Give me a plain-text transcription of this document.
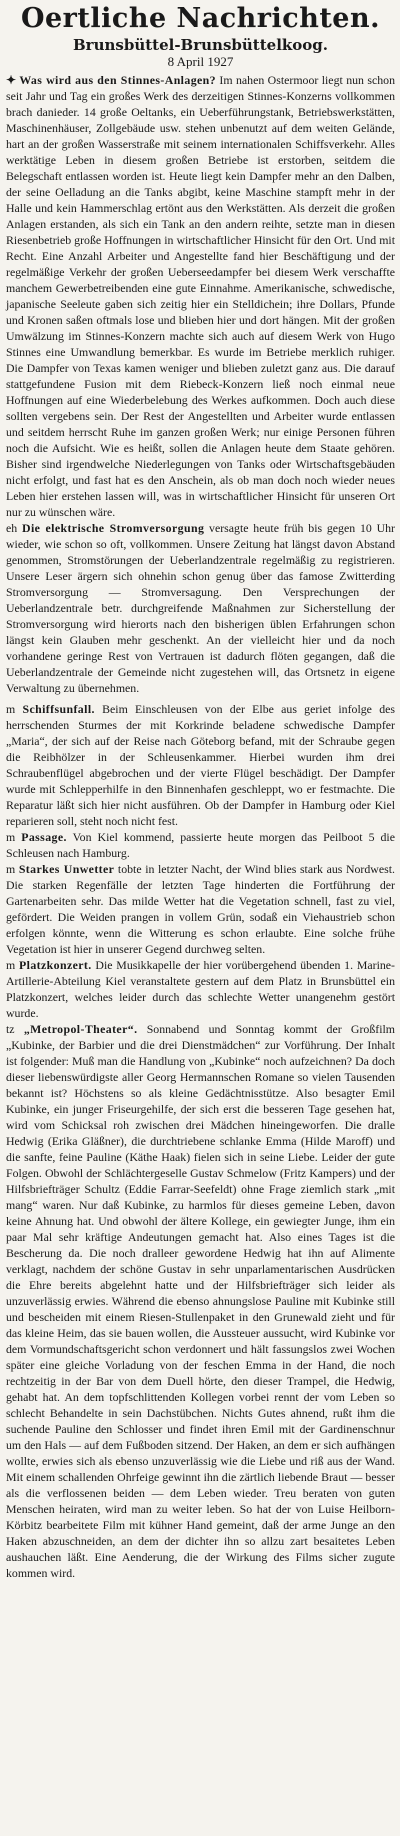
Oertliche Nachrichten.
Brunsbüttel-Brunsbüttelkoog.
8 April 1927

✦ Was wird aus den Stinnes-Anlagen? Im nahen Ostermoor liegt nun schon seit Jahr und Tag ein großes Werk des derzeitigen Stinnes-Konzerns vollkommen brach danieder. 14 große Oeltanks, ein Ueberführungstank, Betriebswerkstätten, Maschinenhäuser, Zollgebäude usw. stehen unbenutzt auf dem weiten Gelände, hart an der großen Wasserstraße mit seinem internationalen Schiffsverkehr. Alles werktätige Leben in diesem großen Betriebe ist erstorben, seitdem die Belegschaft entlassen worden ist. Heute liegt kein Dampfer mehr an den Dalben, der seine Oelladung an die Tanks abgibt, keine Maschine stampft mehr in der Halle und kein Hammerschlag ertönt aus den Werkstätten. Als derzeit die großen Anlagen erstanden, als sich ein Tank an den andern reihte, setzte man in diesen Riesenbetrieb große Hoffnungen in wirtschaftlicher Hinsicht für den Ort. Und mit Recht. Eine Anzahl Arbeiter und Angestellte fand hier Beschäftigung und der regelmäßige Verkehr der großen Ueberseedampfer bei diesem Werk verschaffte manchem Gewerbetreibenden eine gute Einnahme. Amerikanische, schwedische, japanische Seeleute gaben sich zeitig hier ein Stelldichein; ihre Dollars, Pfunde und Kronen saßen oftmals lose und blieben hier und dort hängen. Mit der großen Umwälzung im Stinnes-Konzern machte sich auch auf diesem Werk von Hugo Stinnes eine Umwandlung bemerkbar. Es wurde im Betriebe merklich ruhiger. Die Dampfer von Texas kamen weniger und blieben zuletzt ganz aus. Die darauf stattgefundene Fusion mit dem Riebeck-Konzern ließ noch einmal neue Hoffnungen auf eine Wiederbelebung des Werkes aufkommen. Doch auch diese sollten vergebens sein. Der Rest der Angestellten und Arbeiter wurde entlassen und seitdem herrscht Ruhe im ganzen großen Werk; nur einige Personen führen noch die Aufsicht. Wie es heißt, sollen die Anlagen heute dem Staate gehören. Bisher sind irgendwelche Niederlegungen von Tanks oder Wirtschaftsgebäuden nicht erfolgt, und fast hat es den Anschein, als ob man doch noch wieder neues Leben hier erstehen lassen will, was in wirtschaftlicher Hinsicht für unseren Ort nur zu wünschen wäre.

eh Die elektrische Stromversorgung versagte heute früh bis gegen 10 Uhr wieder, wie schon so oft, vollkommen. Unsere Zeitung hat längst davon Abstand genommen, Stromstörungen der Ueberlandzentrale regelmäßig zu registrieren. Unsere Leser ärgern sich ohnehin schon genug über das famose Zwitterding Stromversorgung — Stromversagung. Den Versprechungen der Ueberlandzentrale betr. durchgreifende Maßnahmen zur Sicherstellung der Stromversorgung wird hierorts nach den bisherigen üblen Erfahrungen schon längst kein Glauben mehr geschenkt. An der vielleicht hier und da noch vorhandene geringe Rest von Vertrauen ist dadurch flöten gegangen, daß die Ueberlandzentrale der Gemeinde nicht zugestehen will, das Ortsnetz in eigene Verwaltung zu übernehmen.

m Schiffsunfall. Beim Einschleusen von der Elbe aus geriet infolge des herrschenden Sturmes der mit Korkrinde beladene schwedische Dampfer „Maria“, der sich auf der Reise nach Göteborg befand, mit der Schraube gegen die Reibhölzer in der Schleusenkammer. Hierbei wurden ihm drei Schraubenflügel abgebrochen und der vierte Flügel beschädigt. Der Dampfer wurde mit Schlepperhilfe in den Binnenhafen geschleppt, wo er festmachte. Die Reparatur läßt sich hier nicht ausführen. Ob der Dampfer in Hamburg oder Kiel reparieren soll, steht noch nicht fest.

m Passage. Von Kiel kommend, passierte heute morgen das Peilboot 5 die Schleusen nach Hamburg.

m Starkes Unwetter tobte in letzter Nacht, der Wind blies stark aus Nordwest. Die starken Regenfälle der letzten Tage hinderten die Fortführung der Gartenarbeiten sehr. Das milde Wetter hat die Vegetation schnell, fast zu viel, gefördert. Die Weiden prangen in vollem Grün, sodaß ein Viehaustrieb schon erfolgen könnte, wenn die Witterung es schon erlaubte. Eine solche frühe Vegetation ist hier in unserer Gegend durchweg selten.

m Platzkonzert. Die Musikkapelle der hier vorübergehend übenden 1. Marine-Artillerie-Abteilung Kiel veranstaltete gestern auf dem Platz in Brunsbüttel ein Platzkonzert, welches leider durch das schlechte Wetter unangenehm gestört wurde.

tz „Metropol-Theater“. Sonnabend und Sonntag kommt der Großfilm „Kubinke, der Barbier und die drei Dienstmädchen“ zur Vorführung. Der Inhalt ist folgender: Muß man die Handlung von „Kubinke“ noch aufzeichnen? Da doch dieser liebenswürdigste aller Georg Hermannschen Romane so vielen Tausenden bekannt ist? Höchstens so als kleine Gedächtnisstütze. Also besagter Emil Kubinke, ein junger Friseurgehilfe, der sich erst die besseren Tage gesehen hat, wird vom Schicksal roh zwischen drei Mädchen hineingeworfen. Die dralle Hedwig (Erika Gläßner), die durchtriebene schlanke Emma (Hilde Maroff) und die sanfte, feine Pauline (Käthe Haak) fielen sich in seine Liebe. Leider der gute Folgen. Obwohl der Schlächtergeselle Gustav Schmelow (Fritz Kampers) und der Hilfsbriefträger Schultz (Eddie Farrar-Seefeldt) ohne Frage ziemlich stark „mit mang“ waren. Nur daß Kubinke, zu harmlos für dieses gemeine Leben, davon keine Ahnung hat. Und obwohl der ältere Kollege, ein gewiegter Junge, ihm ein paar Mal sehr kräftige Andeutungen gemacht hat. Also eines Tages ist die Bescherung da. Die noch dralleer gewordene Hedwig hat ihn auf Alimente verklagt, nachdem der schöne Gustav in sehr unparlamentarischen Ausdrücken die Ehre bereits abgelehnt hatte und der Hilfsbriefträger sich leider als unzuverlässig erwies. Während die ebenso ahnungslose Pauline mit Kubinke still und bescheiden mit einem Riesen-Stullenpaket in den Grunewald zieht und für das kleine Heim, das sie bauen wollen, die Aussteuer aussucht, wird Kubinke vor dem Vormundschaftsgericht schon verdonnert und hält fassungslos zwei Wochen später eine gleiche Vorladung von der feschen Emma in der Hand, die noch rechtzeitig in der Bar von dem Duell hörte, den dieser Trampel, die Hedwig, gehabt hat. An dem topfschlittenden Kollegen vorbei rennt der vom Leben so schlecht Behandelte in sein Dachstübchen. Nichts Gutes ahnend, rußt ihm die suchende Pauline den Schlosser und findet ihren Emil mit der Gardinenschnur um den Hals — auf dem Fußboden sitzend. Der Haken, an dem er sich aufhängen wollte, erwies sich als ebenso unzuverlässig wie die Liebe und riß aus der Wand. Mit einem schallenden Ohrfeige gewinnt ihn die zärtlich liebende Braut — besser als die verflossenen beiden — dem Leben wieder. Treu beraten von guten Menschen heiraten, wird man zu weiter leben. So hat der von Luise Heilborn-Körbitz bearbeitete Film mit kühner Hand gemeint, daß der arme Junge an den Haken abzuschneiden, an dem der dichter ihn so allzu zart besaitetes Leben aushauchen läßt. Eine Aenderung, die der Wirkung des Films sicher zugute kommen wird.
